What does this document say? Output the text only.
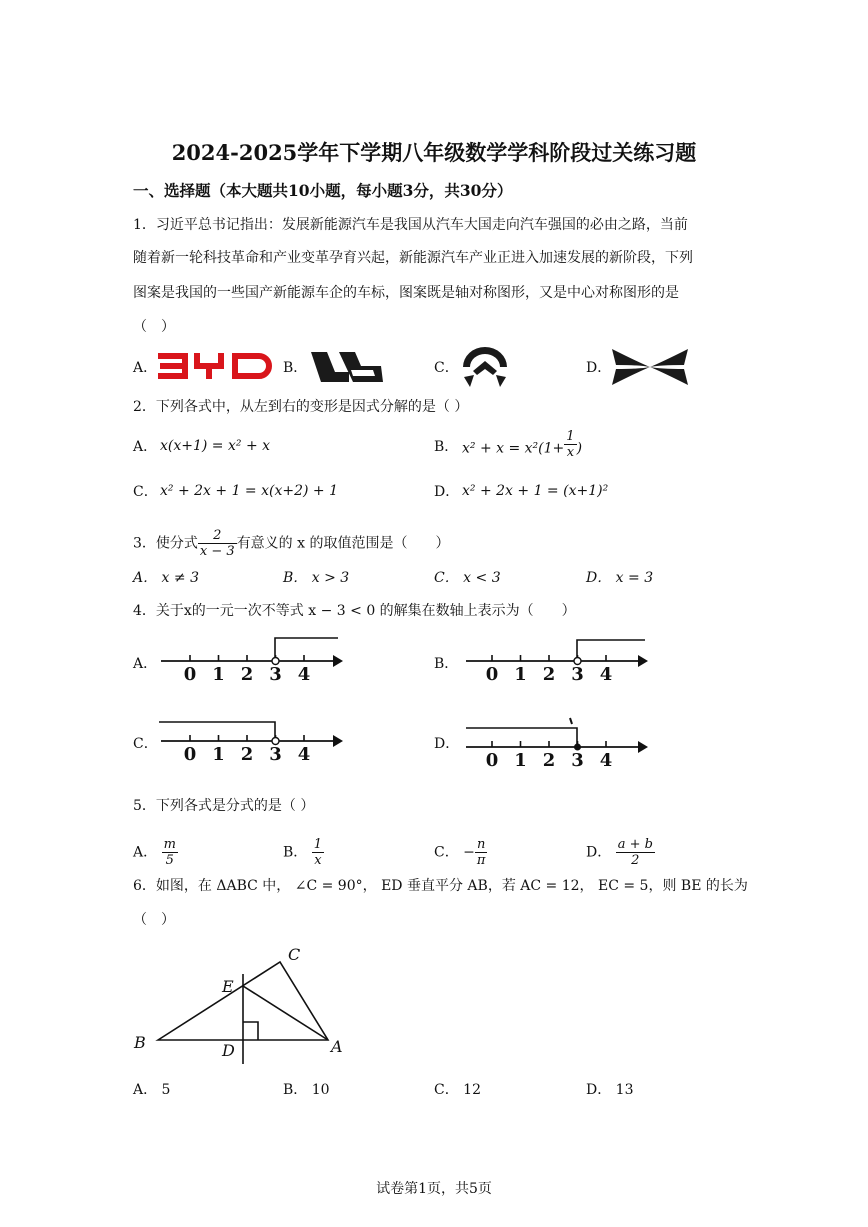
2024-2025学年下学期八年级数学学科阶段过关练习题
一、选择题（本大题共10小题，每小题3分，共30分）
1．习近平总书记指出：发展新能源汽车是我国从汽车大国走向汽车强国的必由之路，当前
随着新一轮科技革命和产业变革孕育兴起，新能源汽车产业正进入加速发展的新阶段，下列
图案是我国的一些国产新能源车企的车标，图案既是轴对称图形，又是中心对称图形的是
（　）
A．
3YD
B．	C．	D．
2．下列各式中，从左到右的变形是因式分解的是（ ）
A． x(x+1) = x² + x	B． $x^2 + x = x^2(1+ \frac{1}{x}$ )
C． x² + 2x + 1 = x(x+2) + 1	D． x² + 2x + 1 = (x+1)²
3．使分式 $\frac{2}{x - 3}$ 有意义的 x 的取值范围是（　　）
A． x ≠ 3	B． x > 3	C． x < 3	D． x = 3
4．关于x的一元一次不等式 x − 3 < 0 的解集在数轴上表示为（　　）
A．	B．
C．	D．
0 1 2 3 4	0 1 2 3 4
0 1 2 3 4	0 1 2 3 4
5．下列各式是分式的是（ ）
A． $\frac{m}{5}$	B． $\frac{1}{x}$	C． − $\frac{n}{\pi}$	D． $\frac{a + b}{2}$
6．如图，在 ΔABC 中， ∠C = 90°， ED 垂直平分 AB，若 AC = 12， EC = 5，则 BE 的长为
（　）
C
E
B	D	A
A． 5	B． 10	C． 12	D． 13
试卷第1页，共5页
